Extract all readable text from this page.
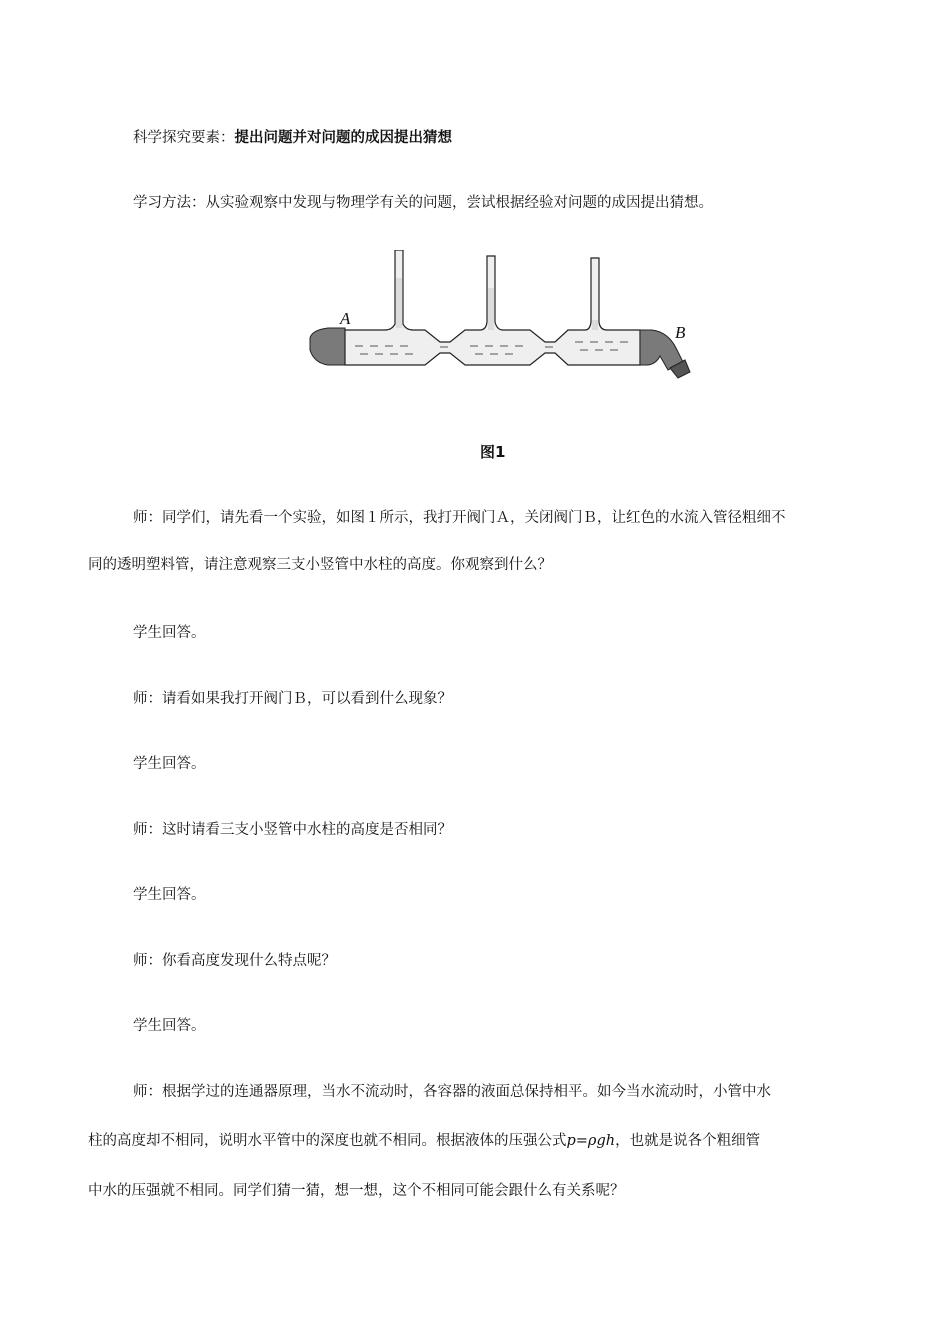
科学探究要素：提出问题并对问题的成因提出猜想
学习方法：从实验观察中发现与物理学有关的问题，尝试根据经验对问题的成因提出猜想。
A
B
图1
师：同学们，请先看一个实验，如图１所示，我打开阀门Ａ，关闭阀门Ｂ，让红色的水流入管径粗细不
同的透明塑料管，请注意观察三支小竖管中水柱的高度。你观察到什么？
学生回答。
师：请看如果我打开阀门Ｂ，可以看到什么现象？
学生回答。
师：这时请看三支小竖管中水柱的高度是否相同？
学生回答。
师：你看高度发现什么特点呢？
学生回答。
师：根据学过的连通器原理，当水不流动时，各容器的液面总保持相平。如今当水流动时，小管中水
柱的高度却不相同，说明水平管中的深度也就不相同。根据液体的压强公式p=ρgh，也就是说各个粗细管
中水的压强就不相同。同学们猜一猜，想一想，这个不相同可能会跟什么有关系呢？
